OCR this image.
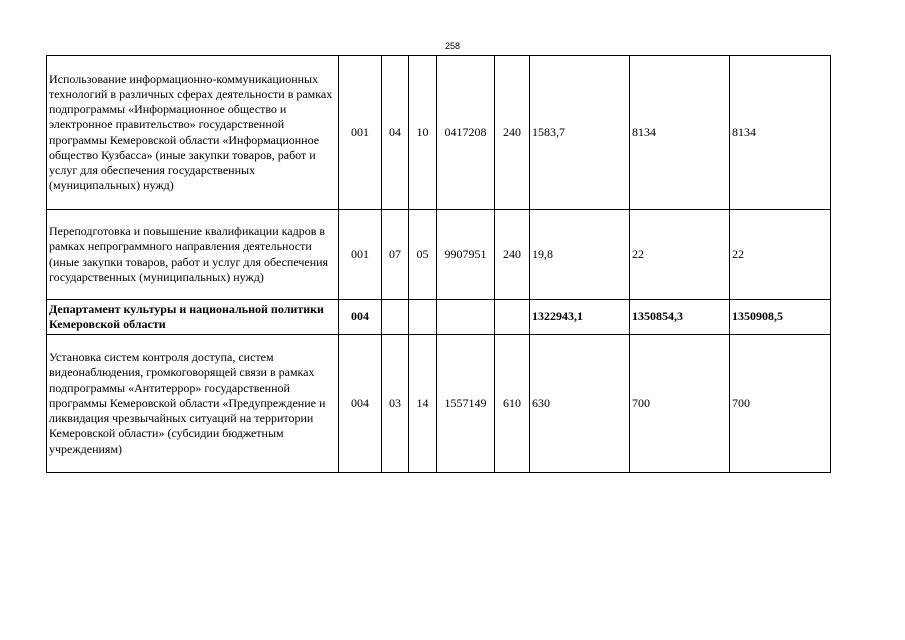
258
Использование информационно-коммуникационных технологий в различных сферах деятельности в рамках подпрограммы «Информационное общество и электронное правительство» государственной программы Кемеровской области «Информационное общество Кузбасса» (иные закупки товаров, работ и услуг для обеспечения государственных (муниципальных) нужд)	001	04	10	0417208	240	1583,7	8134	8134
Переподготовка и повышение квалификации кадров в рамках непрограммного направления деятельности (иные закупки товаров, работ и услуг для обеспечения государственных (муниципальных) нужд)	001	07	05	9907951	240	19,8	22	22
Департамент культуры и национальной политики Кемеровской области	004					1322943,1	1350854,3	1350908,5
Установка систем контроля доступа, систем видеонаблюдения, громкоговорящей связи в рамках подпрограммы «Антитеррор» государственной программы Кемеровской области «Предупреждение и ликвидация чрезвычайных ситуаций на территории Кемеровской области» (субсидии бюджетным учреждениям)	004	03	14	1557149	610	630	700	700
